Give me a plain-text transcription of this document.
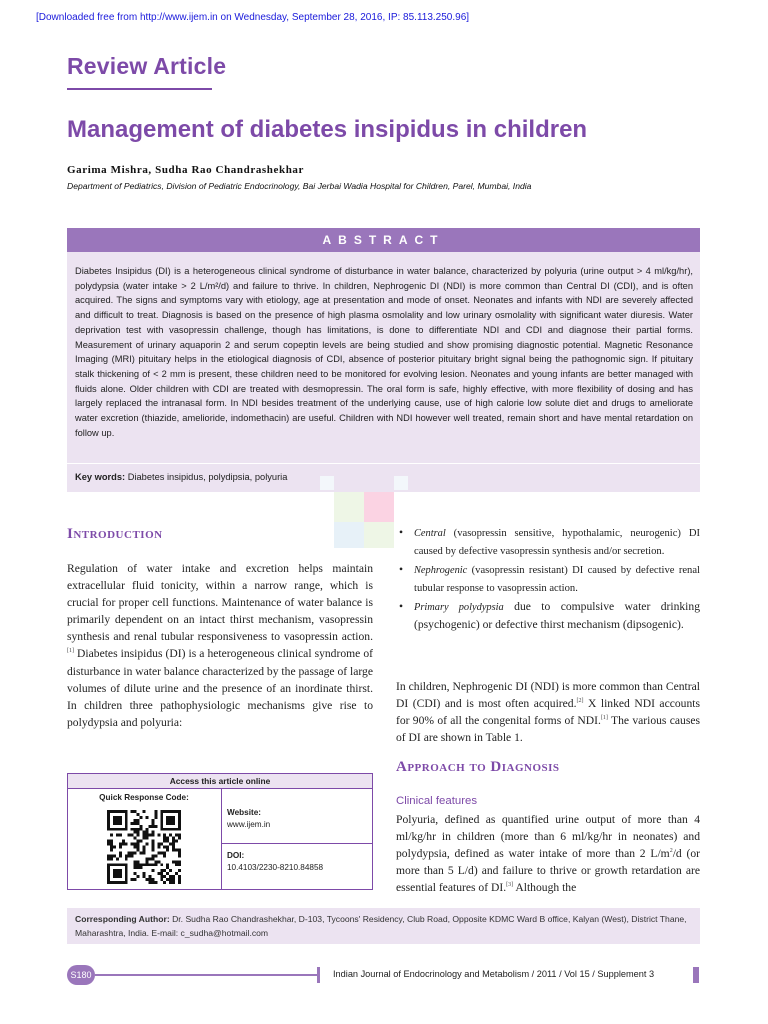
[Downloaded free from http://www.ijem.in on Wednesday, September 28, 2016, IP: 85.113.250.96]
Review Article
Management of diabetes insipidus in children
Garima Mishra, Sudha Rao Chandrashekhar
Department of Pediatrics, Division of Pediatric Endocrinology, Bai Jerbai Wadia Hospital for Children, Parel, Mumbai, India
ABSTRACT
Diabetes Insipidus (DI) is a heterogeneous clinical syndrome of disturbance in water balance, characterized by polyuria (urine output > 4 ml/kg/hr), polydypsia (water intake > 2 L/m²/d) and failure to thrive. In children, Nephrogenic DI (NDI) is more common than Central DI (CDI), and is often acquired. The signs and symptoms vary with etiology, age at presentation and mode of onset. Neonates and infants with NDI are severely affected and difficult to treat. Diagnosis is based on the presence of high plasma osmolality and low urinary osmolality with significant water diuresis. Water deprivation test with vasopressin challenge, though has limitations, is done to differentiate NDI and CDI and diagnose their partial forms. Measurement of urinary aquaporin 2 and serum copeptin levels are being studied and show promising diagnostic potential. Magnetic Resonance Imaging (MRI) pituitary helps in the etiological diagnosis of CDI, absence of posterior pituitary bright signal being the pathognomic sign. If pituitary stalk thickening of < 2 mm is present, these children need to be monitored for evolving lesion. Neonates and young infants are better managed with fluids alone. Older children with CDI are treated with desmopressin. The oral form is safe, highly effective, with more flexibility of dosing and has largely replaced the intranasal form. In NDI besides treatment of the underlying cause, use of high calorie low solute diet and drugs to ameliorate water excretion (thiazide, amelioride, indomethacin) are useful. Children with NDI however well treated, remain short and have mental retardation on follow up.
Key words: Diabetes insipidus, polydipsia, polyuria
Introduction
Regulation of water intake and excretion helps maintain extracellular fluid tonicity, within a narrow range, which is crucial for proper cell functions. Maintenance of water balance is primarily dependent on an intact thirst mechanism, vasopressin synthesis and renal tubular responsiveness to vasopressin action.[1] Diabetes insipidus (DI) is a heterogeneous clinical syndrome of disturbance in water balance characterized by the passage of large volumes of dilute urine and the presence of an inordinate thirst. In children three pathophysiologic mechanisms give rise to polydypsia and polyuria:
• Central (vasopressin sensitive, hypothalamic, neurogenic) DI caused by defective vasopressin synthesis and/or secretion.
• Nephrogenic (vasopressin resistant) DI caused by defective renal tubular response to vasopressin action.
• Primary polydypsia due to compulsive water drinking (psychogenic) or defective thirst mechanism (dipsogenic).
In children, Nephrogenic DI (NDI) is more common than Central DI (CDI) and is most often acquired.[2] X linked NDI accounts for 90% of all the congenital forms of NDI.[1] The various causes of DI are shown in Table 1.
Approach to Diagnosis
Clinical features
Polyuria, defined as quantified urine output of more than 4 ml/kg/hr in children (more than 6 ml/kg/hr in neonates) and polydypsia, defined as water intake of more than 2 $L/m^2/d$ (or more than 5 L/d) and failure to thrive or growth retardation are essential features of DI.[3] Although the
Access this article online
Quick Response Code:
Website:
www.ijem.in
DOI:
10.4103/2230-8210.84858
Corresponding Author: Dr. Sudha Rao Chandrashekhar, D-103, Tycoons' Residency, Club Road, Opposite KDMC Ward B office, Kalyan (West), District Thane, Maharashtra, India. E-mail: c_sudha@hotmail.com
S180	Indian Journal of Endocrinology and Metabolism / 2011 / Vol 15 / Supplement 3
